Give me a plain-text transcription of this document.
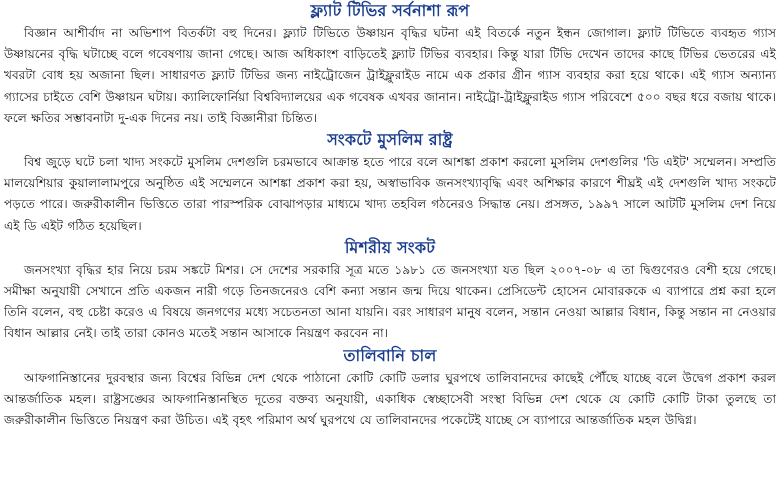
ফ্ল্যাট টিভির সর্বনাশা রূপ

বিজ্ঞান আশীর্বাদ না অভিশাপ বিতর্কটা বহু দিনের। ফ্ল্যাট টিভিতে উষ্ণায়ন বৃদ্ধির ঘটনা এই বিতর্কে নতুন ইন্ধন জোগাল। ফ্ল্যাট টিভিতে ব্যবহৃত গ্যাস উষ্ণায়নের বৃদ্ধি ঘটাচ্ছে বলে গবেষণায় জানা গেছে। আজ অধিকাংশ বাড়িতেই ফ্ল্যাট টিভির ব্যবহার। কিন্তু যারা টিভি দেখেন তাদের কাছে টিভির ভেতরের এই খবরটা বোধ হয় অজানা ছিল। সাধারণত ফ্ল্যাট টিভির জন্য নাইট্রোজেন ট্রাইফ্লুরাইড নামে এক প্রকার গ্রীন গ্যাস ব্যবহার করা হয়ে থাকে। এই গ্যাস অন্যান্য গ্যাসের চাইতে বেশি উষ্ণায়ন ঘটায়। ক্যালিফোর্নিয়া বিশ্ববিদ্যালয়ের এক গবেষক এখবর জানান। নাইট্রো-ট্রাইফ্লুরাইড গ্যাস পরিবেশে ৫০০ বছর ধরে বজায় থাকে। ফলে ক্ষতির সম্ভাবনাটা দু-এক দিনের নয়। তাই বিজ্ঞানীরা চিন্তিত।

সংকটে মুসলিম রাষ্ট্র

বিশ্ব জুড়ে ঘটে চলা খাদ্য সংকটে মুসলিম দেশগুলি চরমভাবে আক্রান্ত হতে পারে বলে আশঙ্কা প্রকাশ করলো মুসলিম দেশগুলির 'ডি এইট' সম্মেলন। সম্প্রতি মালয়েশিয়ার কুয়ালালামপুরে অনুষ্ঠিত এই সম্মেলনে আশঙ্কা প্রকাশ করা হয়, অস্বাভাবিক জনসংখ্যাবৃদ্ধি এবং অশিক্ষার কারণে শীঘ্রই এই দেশগুলি খাদ্য সংকটে পড়তে পারে। জরুরীকালীন ভিত্তিতে তারা পারস্পরিক বোঝাপড়ার মাধ্যমে খাদ্য তহবিল গঠনেরও সিদ্ধান্ত নেয়। প্রসঙ্গত, ১৯৯৭ সালে আটটি মুসলিম দেশ নিয়ে এই ডি এইট গঠিত হয়েছিল।

মিশরীয় সংকট

জনসংখ্যা বৃদ্ধির হার নিয়ে চরম সঙ্কটে মিশর। সে দেশের সরকারি সূত্র মতে ১৯৮১ তে জনসংখ্যা যত ছিল ২০০৭-০৮ এ তা দ্বিগুণেরও বেশী হয়ে গেছে। সমীক্ষা অনুযায়ী সেখানে প্রতি একজন নারী গড়ে তিনজনেরও বেশি কন্যা সন্তান জন্ম দিয়ে থাকেন। প্রেসিডেন্ট হোসেন মোবারককে এ ব্যাপারে প্রশ্ন করা হলে তিনি বলেন, বহু চেষ্টা করেও এ বিষয়ে জনগণের মধ্যে সচেতনতা আনা যায়নি। বরং সাধারণ মানুষ বলেন, সন্তান নেওয়া আল্লার বিধান, কিন্তু সন্তান না নেওয়ার বিধান আল্লার নেই। তাই তারা কোনও মতেই সন্তান আসাকে নিয়ন্ত্রণ করবেন না।

তালিবানি চাল

আফগানিস্তানের দুরবস্থার জন্য বিশ্বের বিভিন্ন দেশ থেকে পাঠানো কোটি কোটি ডলার ঘুরপথে তালিবানদের কাছেই পৌঁছে যাচ্ছে বলে উদ্বেগ প্রকাশ করল আন্তর্জাতিক মহল। রাষ্ট্রসঙ্ঘের আফগানিস্তানস্থিত দূতের বক্তব্য অনুযায়ী, একাধিক স্বেচ্ছাসেবী সংস্থা বিভিন্ন দেশ থেকে যে কোটি কোটি টাকা তুলছে তা জরুরীকালীন ভিত্তিতে নিয়ন্ত্রণ করা উচিত। এই বৃহৎ পরিমাণ অর্থ ঘুরপথে যে তালিবানদের পকেটেই যাচ্ছে সে ব্যাপারে আন্তর্জাতিক মহল উদ্বিগ্ন।
